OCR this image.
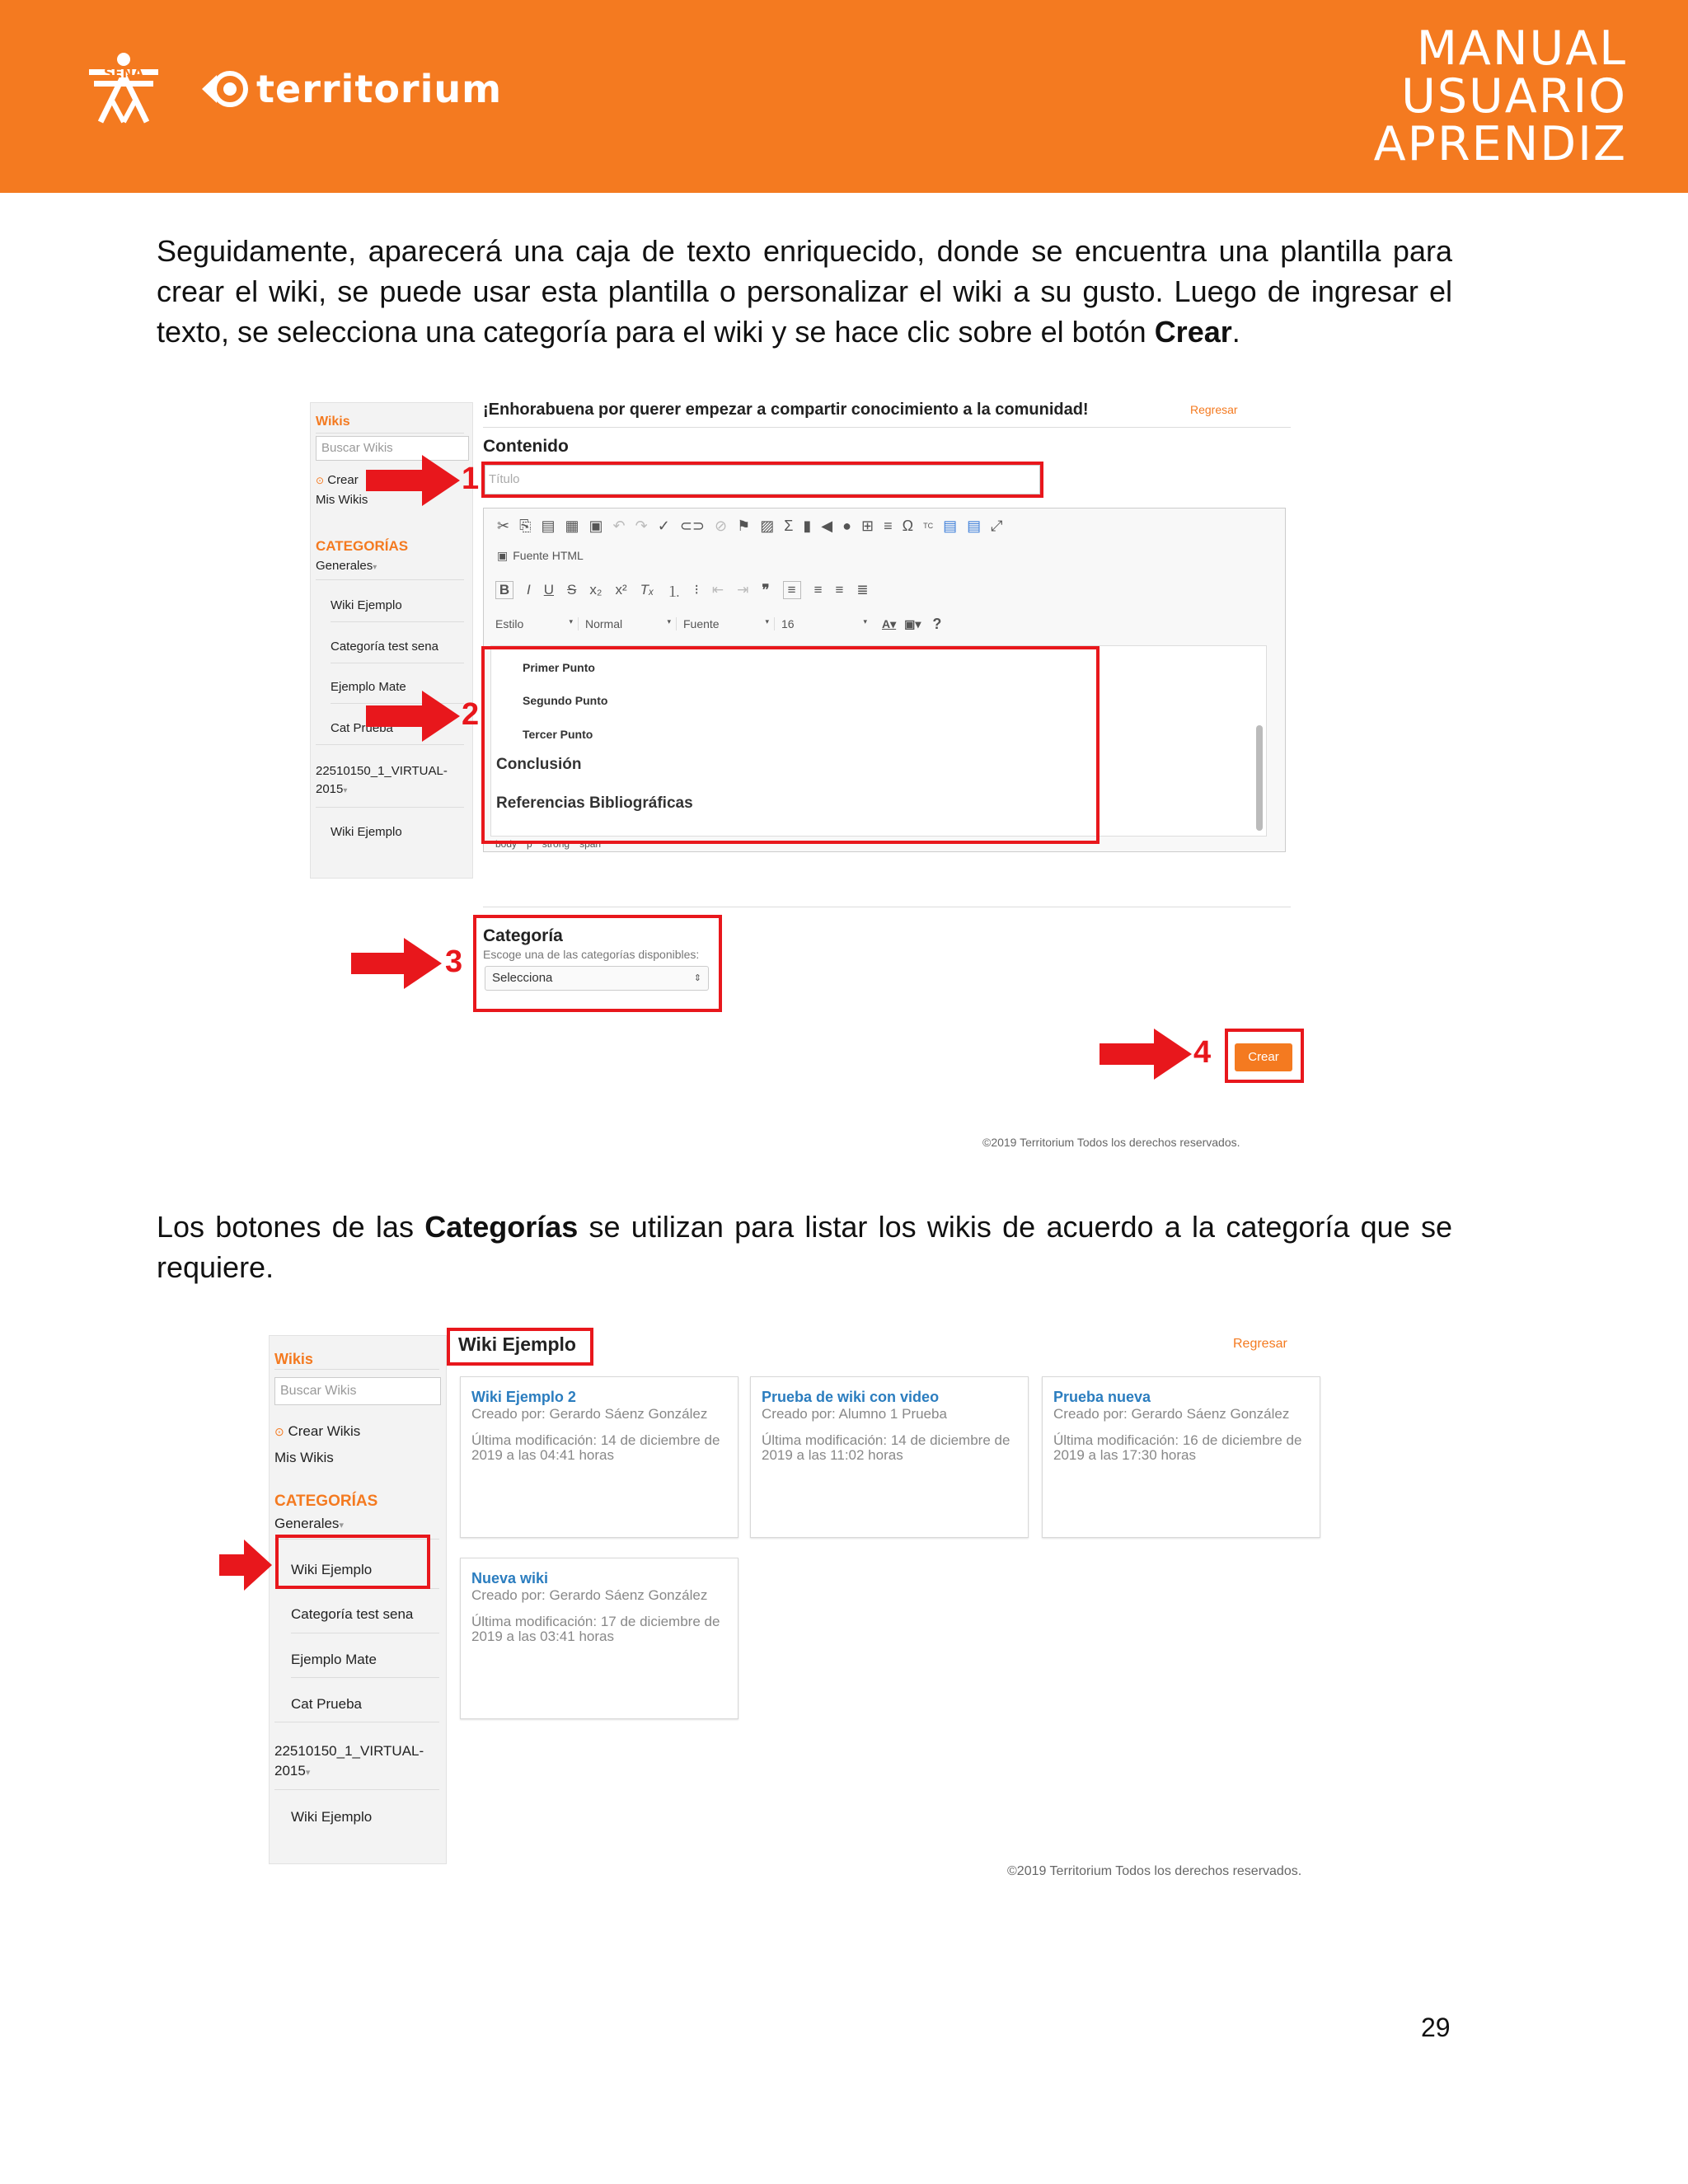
SENA	territorium
MANUAL
USUARIO
APRENDIZ
Seguidamente, aparecerá una caja de texto enriquecido, donde se encuentra una plantilla para crear el wiki, se puede usar esta plantilla o personalizar el wiki a su gusto. Luego de ingresar el texto, se selecciona una categoría para el wiki y se hace clic sobre el botón Crear.
Wikis
Buscar Wikis
⊙ Crear
Mis Wikis
CATEGORÍAS
Generales▾
Wiki Ejemplo
Categoría test sena
Ejemplo Mate
Cat Prueba
22510150_1_VIRTUAL-2015▾
Wiki Ejemplo
¡Enhorabuena por querer empezar a compartir conocimiento a la comunidad!	Regresar
Contenido
Título
✂ ⎘ ▤ ▦ ▣ ↶ ↷ ✓ ⊂⊃ ⊘ ⚑ ▨ Σ ▮ ◀ ● ⊞ ≡ Ω TC ▤ ▤ ⤢
▣ Fuente HTML
B I U S x₂ x² Tₓ ⒈ ⁝ ⇤ ⇥ ❞	≡	≡ ≡ ≣
Estilo	▾	Normal	▾	Fuente	▾	16	▾ A▾ ▣▾ ?
Primer Punto
Segundo Punto
Tercer Punto
Conclusión
Referencias Bibliográficas
body p strong span
Categoría
Escoge una de las categorías disponibles:
Selecciona	⇕
Crear
©2019 Territorium Todos los derechos reservados.
1
2
3
4
Los botones de las Categorías se utilizan para listar los wikis de acuerdo a la categoría que se requiere.
Wikis
Buscar Wikis
⊙ Crear Wikis
Mis Wikis
CATEGORÍAS
Generales▾
Wiki Ejemplo
Categoría test sena
Ejemplo Mate
Cat Prueba
22510150_1_VIRTUAL-2015▾
Wiki Ejemplo
Wiki Ejemplo	Regresar
Wiki Ejemplo 2
Creado por: Gerardo Sáenz González
Última modificación: 14 de diciembre de 2019 a las 04:41 horas
Prueba de wiki con video
Creado por: Alumno 1 Prueba
Última modificación: 14 de diciembre de 2019 a las 11:02 horas
Prueba nueva
Creado por: Gerardo Sáenz González
Última modificación: 16 de diciembre de 2019 a las 17:30 horas
Nueva wiki
Creado por: Gerardo Sáenz González
Última modificación: 17 de diciembre de 2019 a las 03:41 horas
©2019 Territorium Todos los derechos reservados.
29
